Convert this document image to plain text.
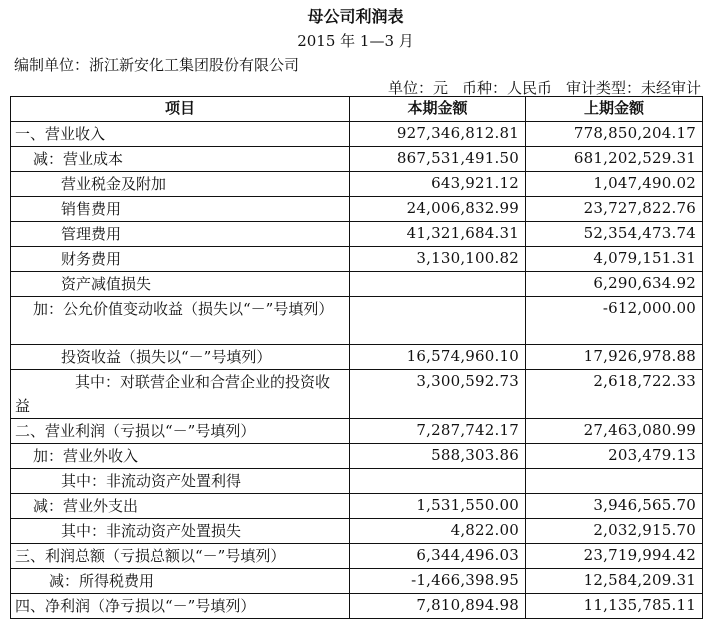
母公司利润表
2015 年 1—3 月
编制单位：浙江新安化工集团股份有限公司
单位：元 币种：人民币 审计类型：未经审计
项目	本期金额	上期金额
一、营业收入	927,346,812.81	778,850,204.17
减：营业成本	867,531,491.50	681,202,529.31
营业税金及附加	643,921.12	1,047,490.02
销售费用	24,006,832.99	23,727,822.76
管理费用	41,321,684.31	52,354,473.74
财务费用	3,130,100.82	4,079,151.31
资产减值损失		6,290,634.92
加：公允价值变动收益（损失以“－”号填列）		-612,000.00
投资收益（损失以“－”号填列）	16,574,960.10	17,926,978.88
其中：对联营企业和合营企业的投资收益	3,300,592.73	2,618,722.33
二、营业利润（亏损以“－”号填列）	7,287,742.17	27,463,080.99
加：营业外收入	588,303.86	203,479.13
其中：非流动资产处置利得		
减：营业外支出	1,531,550.00	3,946,565.70
其中：非流动资产处置损失	4,822.00	2,032,915.70
三、利润总额（亏损总额以“－”号填列）	6,344,496.03	23,719,994.42
减：所得税费用	-1,466,398.95	12,584,209.31
四、净利润（净亏损以“－”号填列）	7,810,894.98	11,135,785.11
